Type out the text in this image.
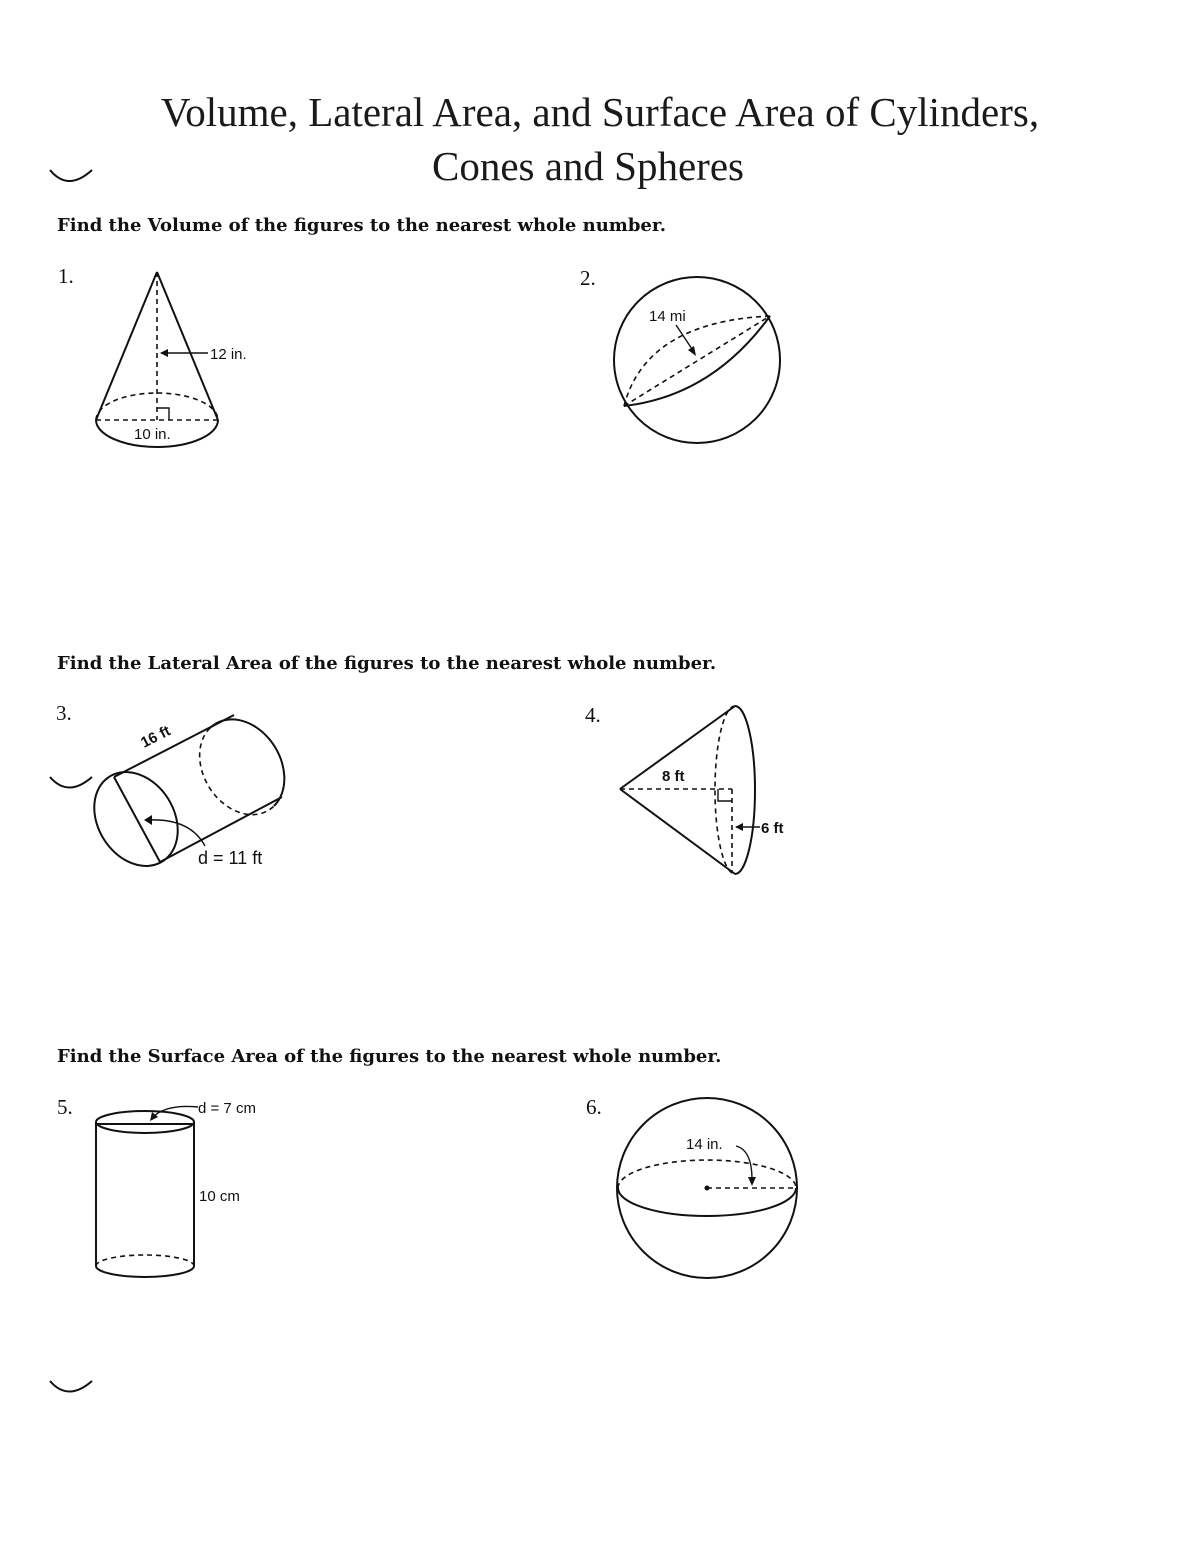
Volume, Lateral Area, and Surface Area of Cylinders,
Cones and Spheres

Find the Volume of the figures to the nearest whole number.

Find the Lateral Area of the figures to the nearest whole number.

Find the Surface Area of the figures to the nearest whole number.

1.	2.
3.	4.
5.	6.
12 in.
10 in.
14 mi
16 ft
d = 11 ft
8 ft
6 ft
d = 7 cm
10 cm
14 in.
